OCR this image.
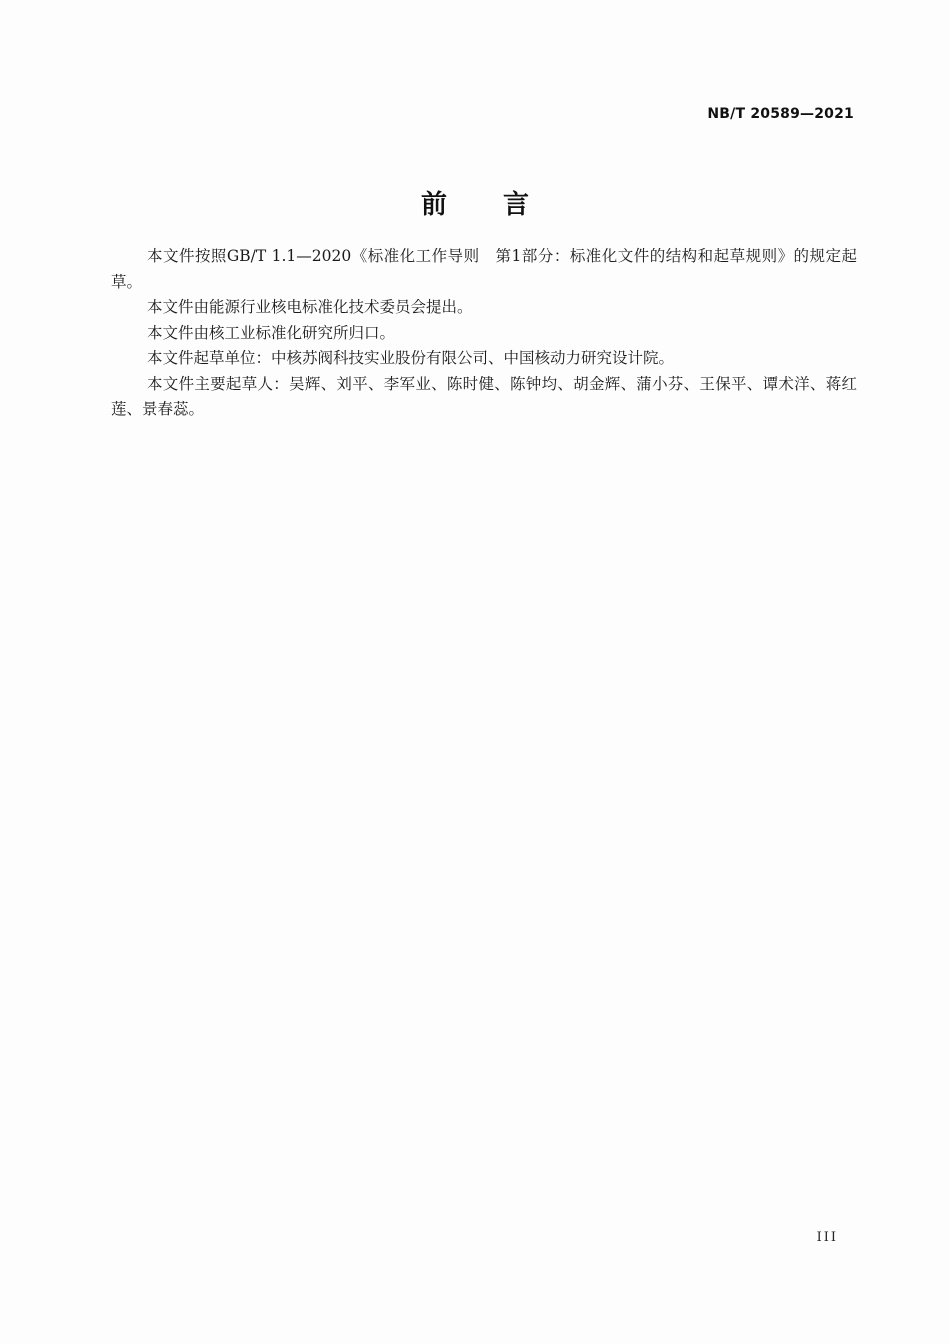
NB/T 20589—2021
前言

本文件按照GB/T 1.1—2020《标准化工作导则　第1部分：标准化文件的结构和起草规则》的规定起草。

本文件由能源行业核电标准化技术委员会提出。

本文件由核工业标准化研究所归口。

本文件起草单位：中核苏阀科技实业股份有限公司、中国核动力研究设计院。

本文件主要起草人：吴辉、刘平、李军业、陈时健、陈钟均、胡金辉、蒲小芬、王保平、谭术洋、蒋红莲、景春蕊。

III
